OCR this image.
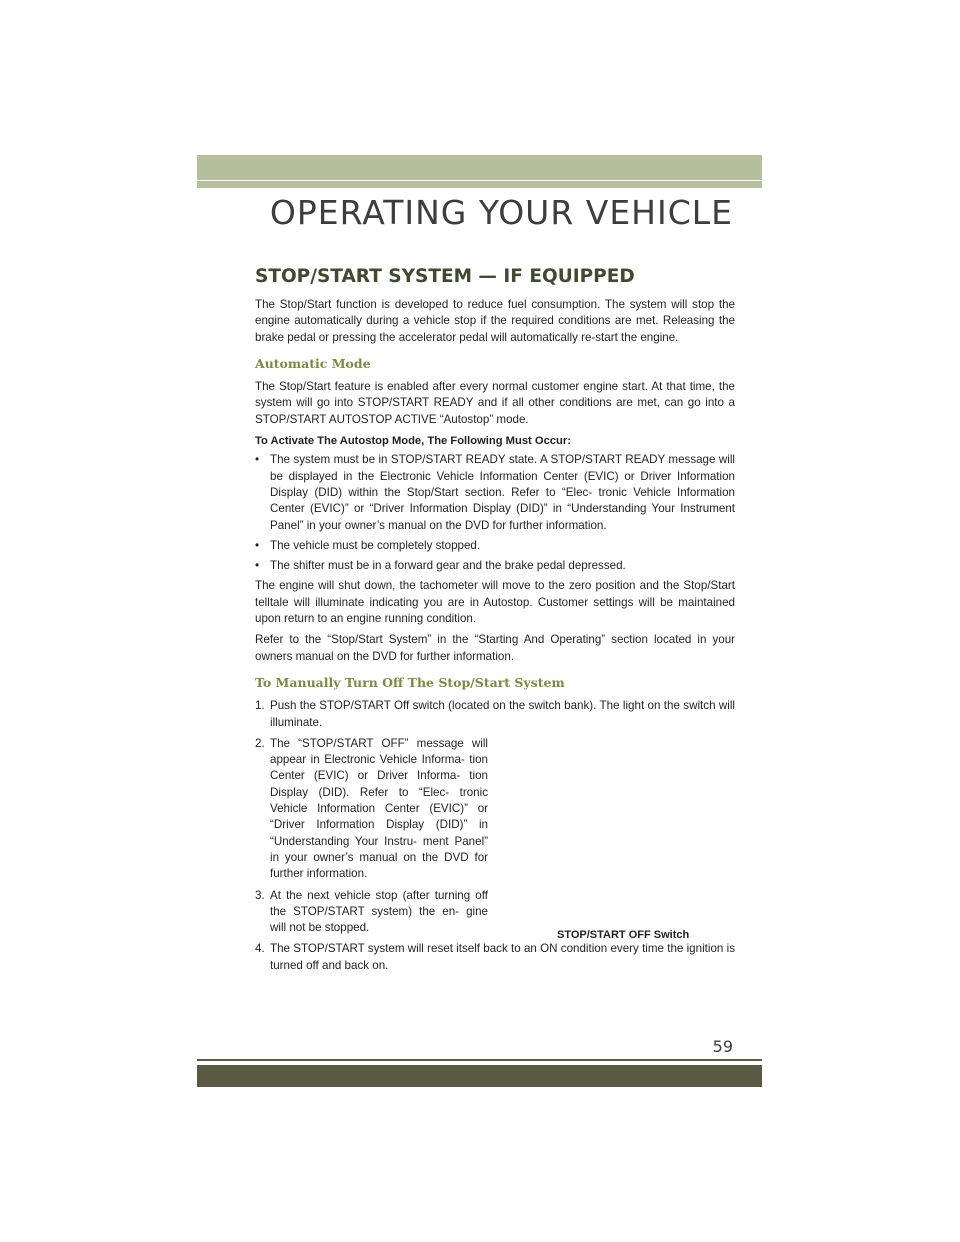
OPERATING YOUR VEHICLE
STOP/START SYSTEM — IF EQUIPPED

The Stop/Start function is developed to reduce fuel consumption. The system will stop the engine automatically during a vehicle stop if the required conditions are met. Releasing the brake pedal or pressing the accelerator pedal will automatically re-start the engine.

Automatic Mode

The Stop/Start feature is enabled after every normal customer engine start. At that time, the system will go into STOP/START READY and if all other conditions are met, can go into a STOP/START AUTOSTOP ACTIVE “Autostop” mode.

To Activate The Autostop Mode, The Following Must Occur:

• The system must be in STOP/START READY state. A STOP/START READY message will be displayed in the Electronic Vehicle Information Center (EVIC) or Driver Information Display (DID) within the Stop/Start section. Refer to “Elec- tronic Vehicle Information Center (EVIC)” or “Driver Information Display (DID)” in “Understanding Your Instrument Panel” in your owner’s manual on the DVD for further information.
• The vehicle must be completely stopped.
• The shifter must be in a forward gear and the brake pedal depressed.

The engine will shut down, the tachometer will move to the zero position and the Stop/Start telltale will illuminate indicating you are in Autostop. Customer settings will be maintained upon return to an engine running condition.

Refer to the “Stop/Start System” in the “Starting And Operating” section located in your owners manual on the DVD for further information.

To Manually Turn Off The Stop/Start System
1. Push the STOP/START Off switch (located on the switch bank). The light on the switch will illuminate.
2. The “STOP/START OFF” message will appear in Electronic Vehicle Informa- tion Center (EVIC) or Driver Informa- tion Display (DID). Refer to “Elec- tronic Vehicle Information Center (EVIC)” or “Driver Information Display (DID)” in “Understanding Your Instru- ment Panel” in your owner’s manual on the DVD for further information.
3. At the next vehicle stop (after turning off the STOP/START system) the en- gine will not be stopped.
4. The STOP/START system will reset itself back to an ON condition every time the ignition is turned off and back on.
STOP/START OFF Switch
59
